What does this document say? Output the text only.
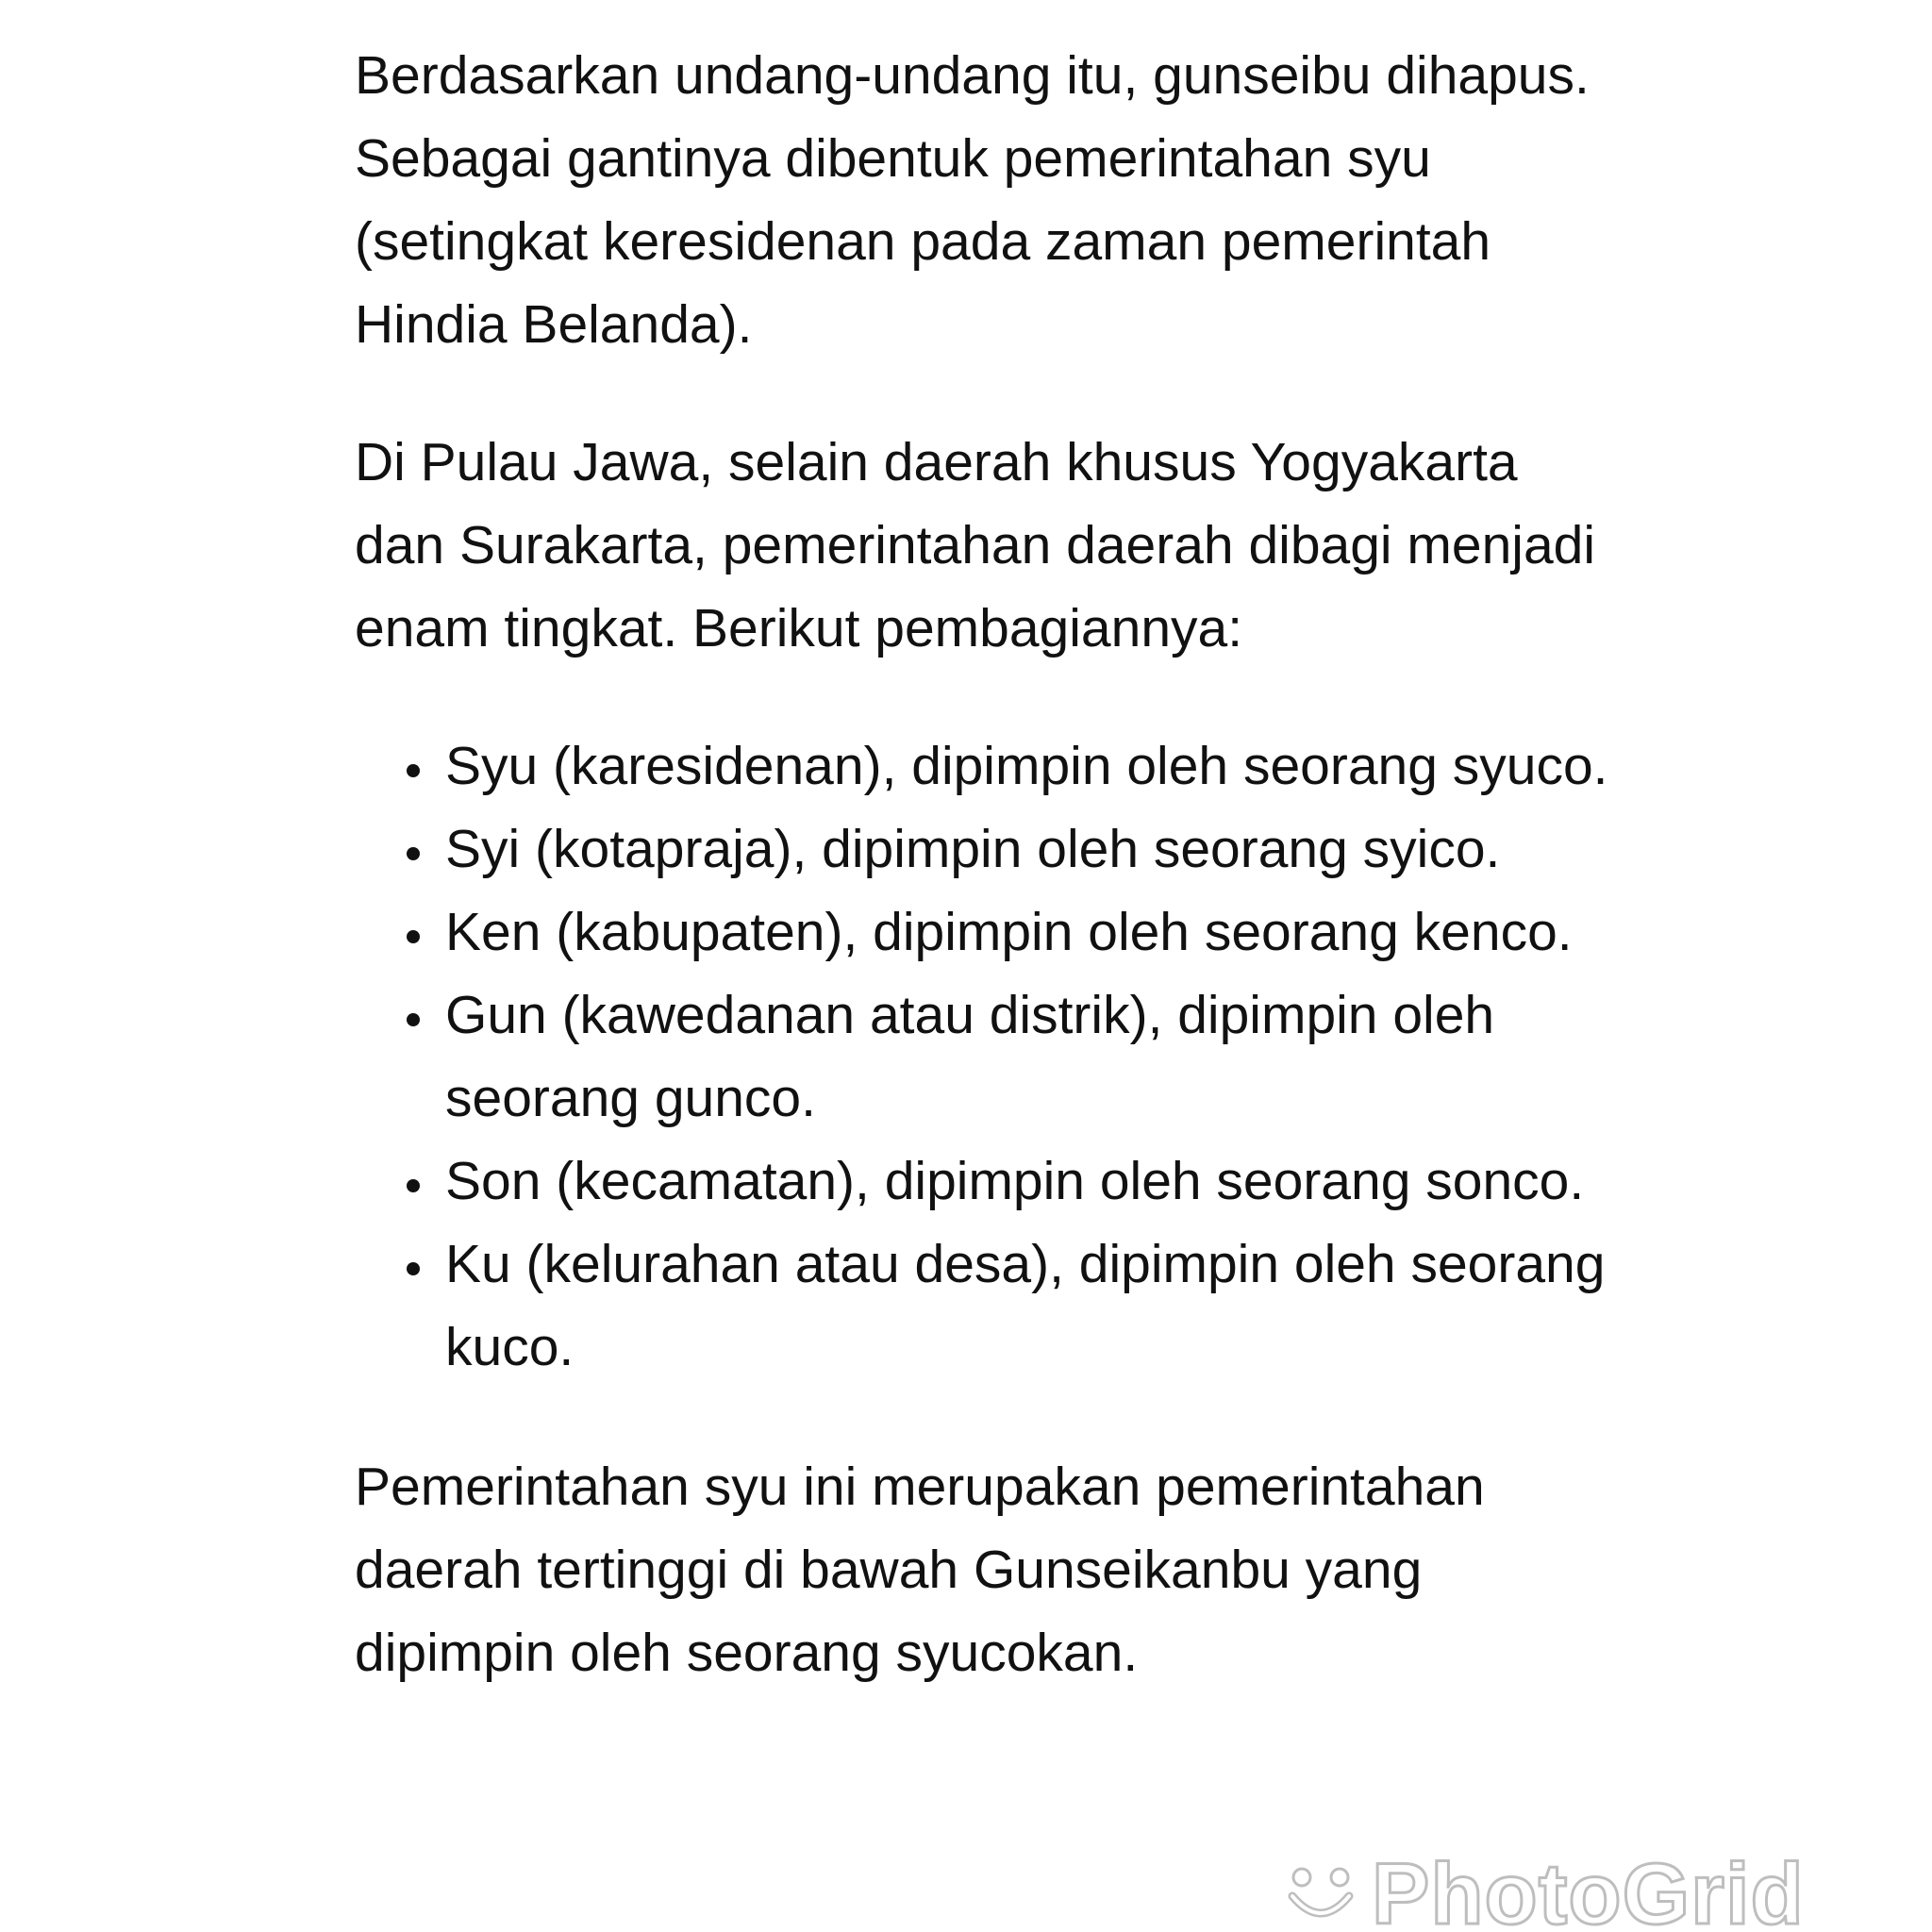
Berdasarkan undang-undang itu, gunseibu dihapus. Sebagai gantinya dibentuk pemerintahan syu (setingkat keresidenan pada zaman pemerintah Hindia Belanda).

Di Pulau Jawa, selain daerah khusus Yogyakarta dan Surakarta, pemerintahan daerah dibagi menjadi enam tingkat. Berikut pembagiannya:

• Syu (karesidenan), dipimpin oleh seorang syuco.
• Syi (kotapraja), dipimpin oleh seorang syico.
• Ken (kabupaten), dipimpin oleh seorang kenco.
• Gun (kawedanan atau distrik), dipimpin oleh seorang gunco.
• Son (kecamatan), dipimpin oleh seorang sonco.
• Ku (kelurahan atau desa), dipimpin oleh seorang kuco.

Pemerintahan syu ini merupakan pemerintahan daerah tertinggi di bawah Gunseikanbu yang dipimpin oleh seorang syucokan.

PhotoGrid
